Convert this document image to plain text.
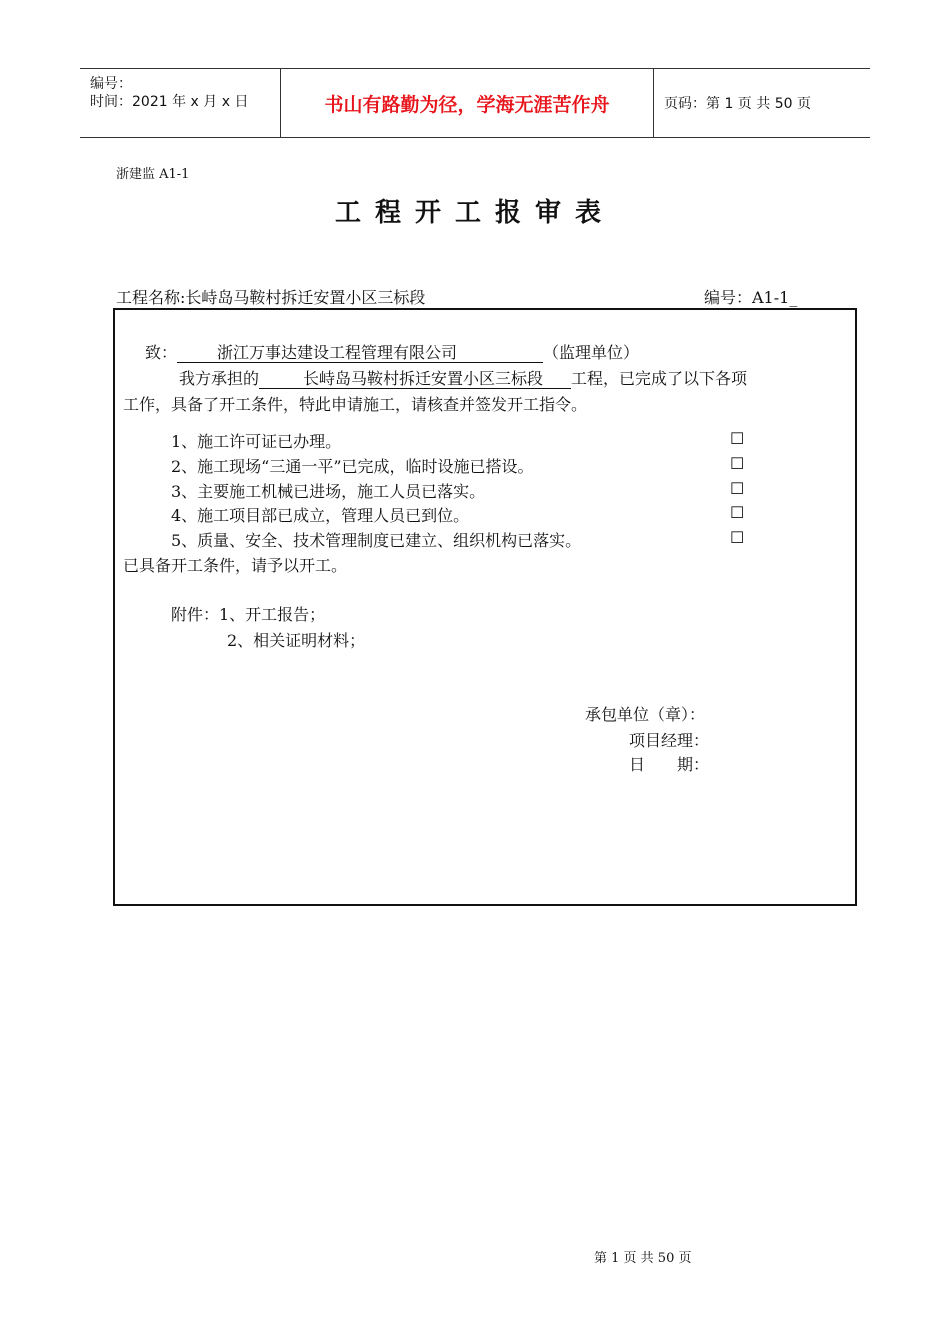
编号：
时间：2021 年 x 月 x 日	书山有路勤为径，学海无涯苦作舟	页码：第 1 页 共 50 页
浙建监 A1-1
工程开工报审表
工程名称:长峙岛马鞍村拆迁安置小区三标段	编号：A1-1_
致：	浙江万事达建设工程管理有限公司	（监理单位）
我方承担的	长峙岛马鞍村拆迁安置小区三标段 工程，已完成了以下各项
工作，具备了开工条件，特此申请施工，请核查并签发开工指令。
1、施工许可证已办理。	☐
2、施工现场“三通一平”已完成，临时设施已搭设。	☐
3、主要施工机械已进场，施工人员已落实。	☐
4、施工项目部已成立，管理人员已到位。	☐
5、质量、安全、技术管理制度已建立、组织机构已落实。	☐
已具备开工条件，请予以开工。
附件：1、开工报告；
2、相关证明材料；
承包单位（章）：
项目经理：
日　　期：
第 1 页 共 50 页
